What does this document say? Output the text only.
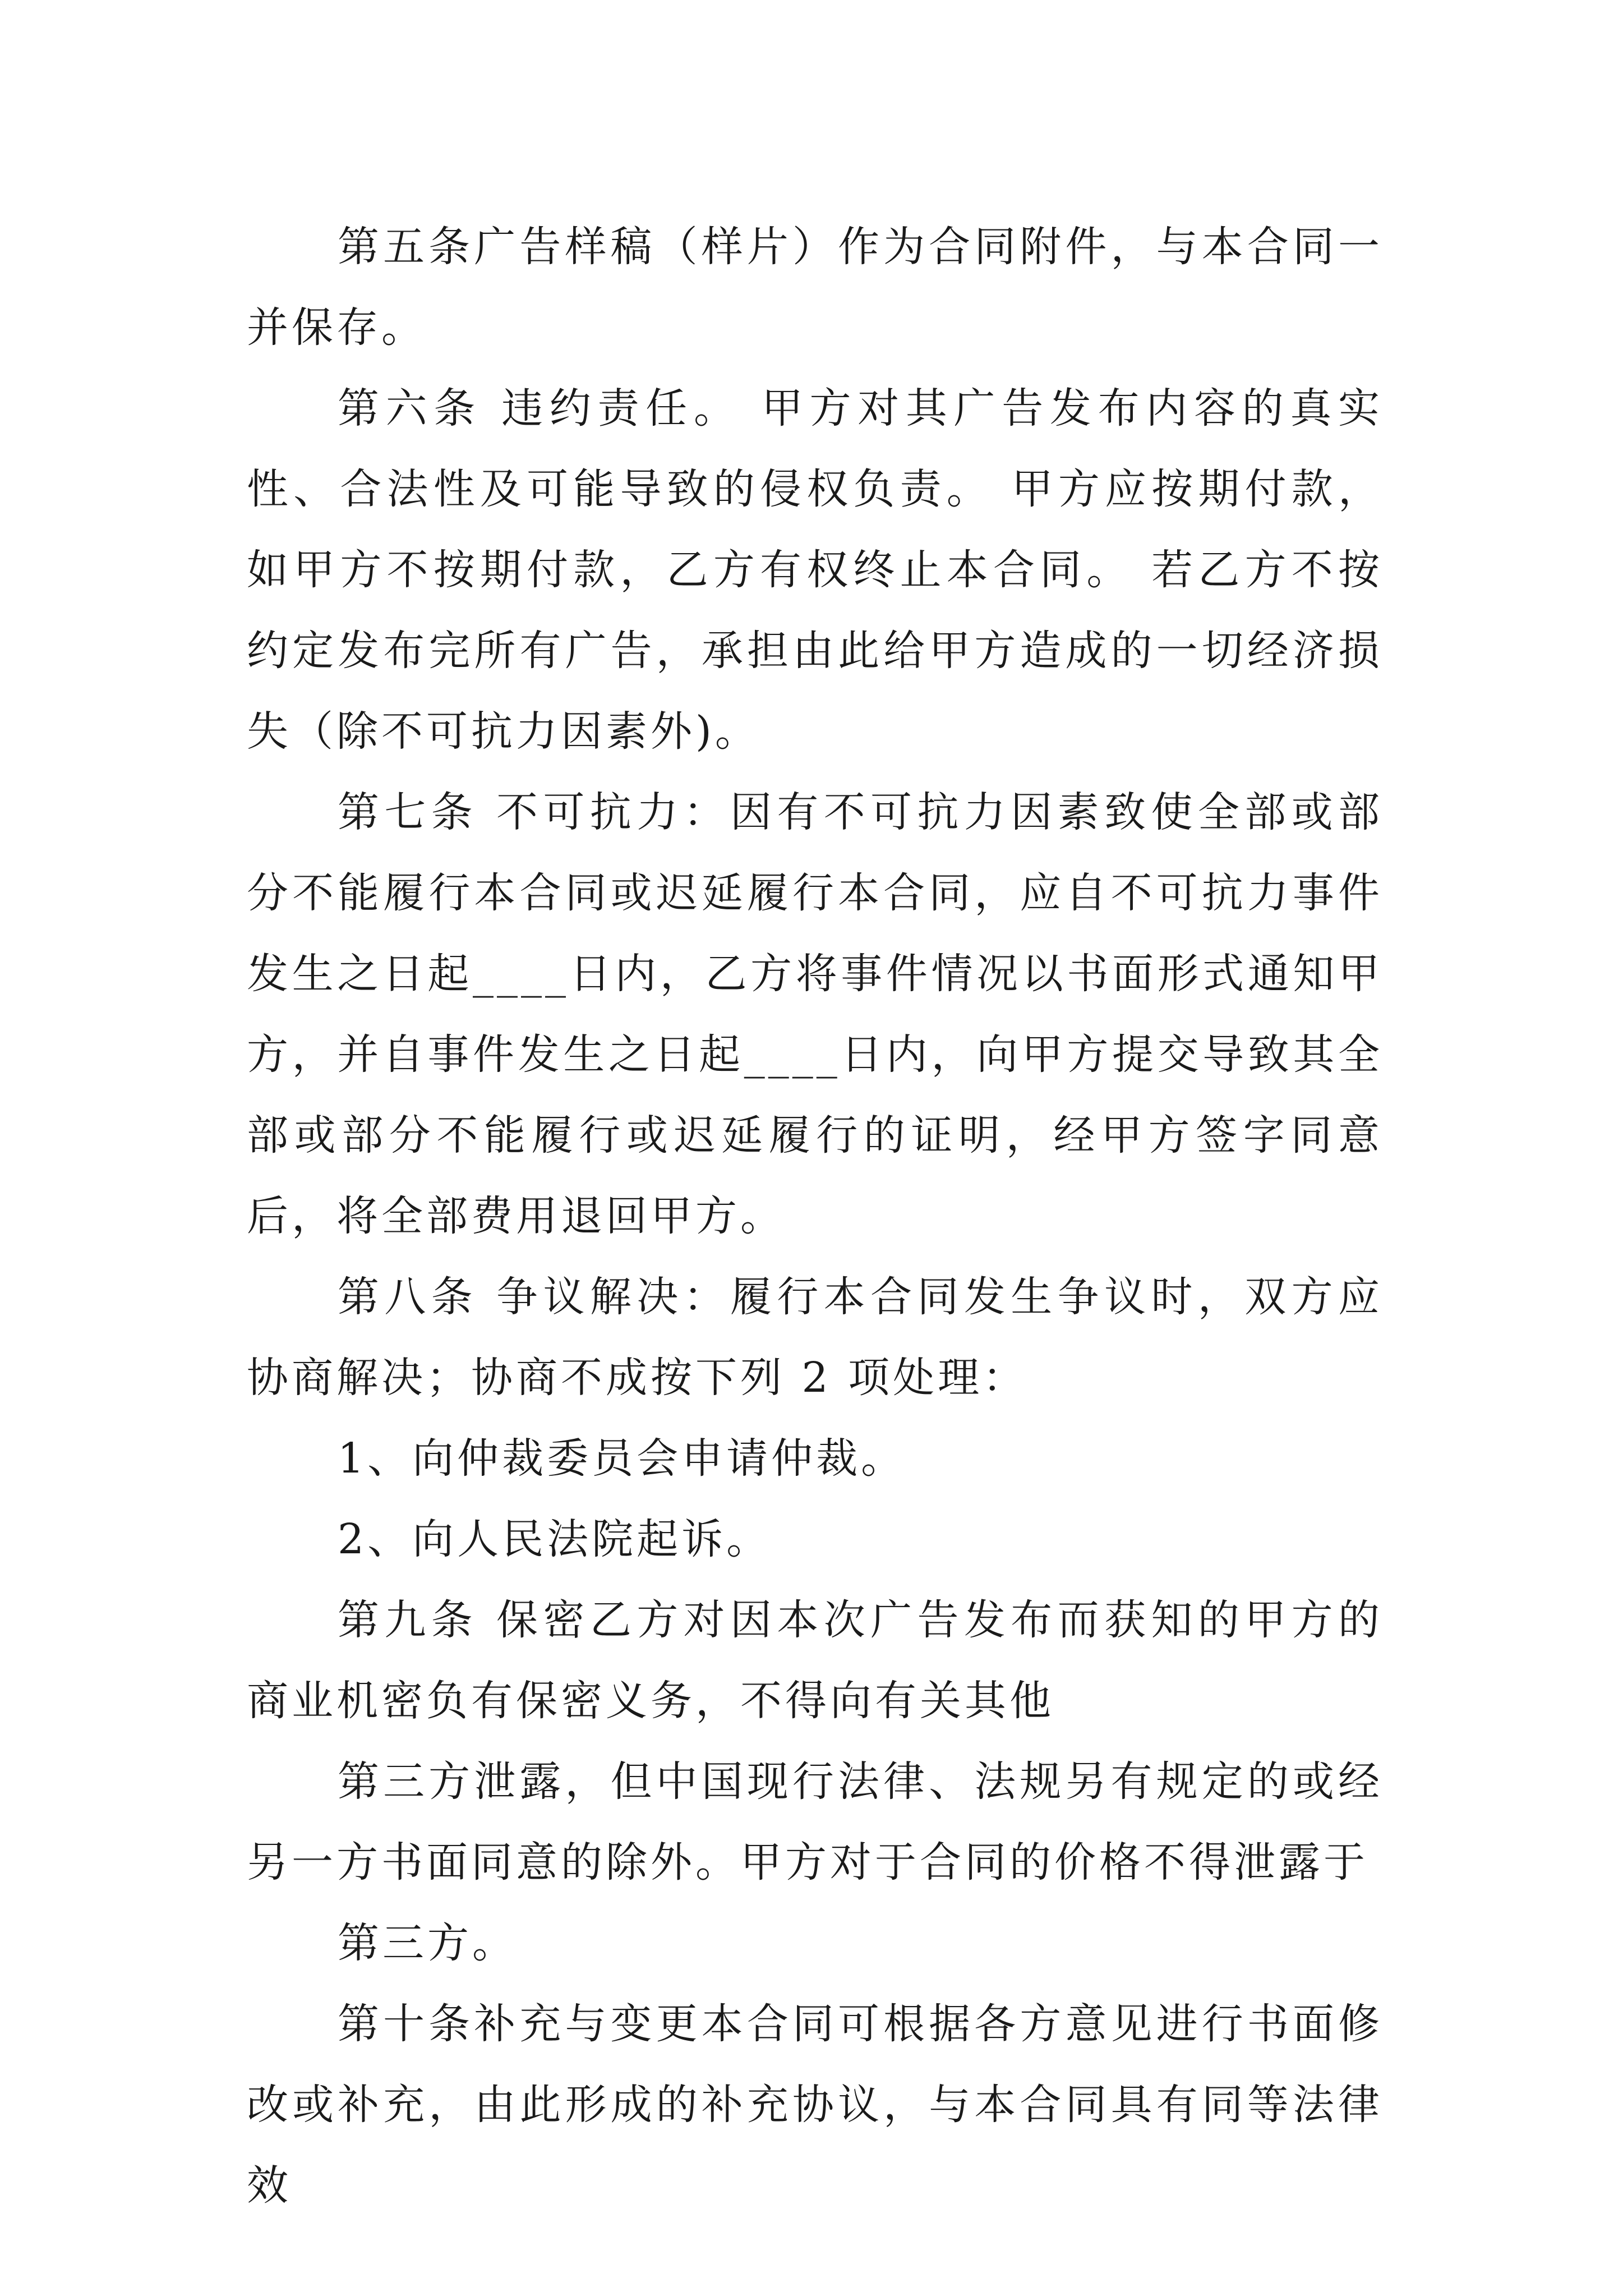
第五条广告样稿（样片）作为合同附件，与本合同一并保存。

第六条 违约责任。 甲方对其广告发布内容的真实性、合法性及可能导致的侵权负责。 甲方应按期付款，如甲方不按期付款，乙方有权终止本合同。 若乙方不按约定发布完所有广告，承担由此给甲方造成的一切经济损失（除不可抗力因素外)。

第七条 不可抗力：因有不可抗力因素致使全部或部分不能履行本合同或迟延履行本合同，应自不可抗力事件发生之日起____日内，乙方将事件情况以书面形式通知甲方，并自事件发生之日起____日内，向甲方提交导致其全部或部分不能履行或迟延履行的证明，经甲方签字同意后，将全部费用退回甲方。

第八条 争议解决：履行本合同发生争议时，双方应协商解决；协商不成按下列 2 项处理：

1、向仲裁委员会申请仲裁。

2、向人民法院起诉。

第九条 保密乙方对因本次广告发布而获知的甲方的商业机密负有保密义务，不得向有关其他

第三方泄露，但中国现行法律、法规另有规定的或经另一方书面同意的除外。甲方对于合同的价格不得泄露于

第三方。

第十条补充与变更本合同可根据各方意见进行书面修改或补充，由此形成的补充协议，与本合同具有同等法律效
